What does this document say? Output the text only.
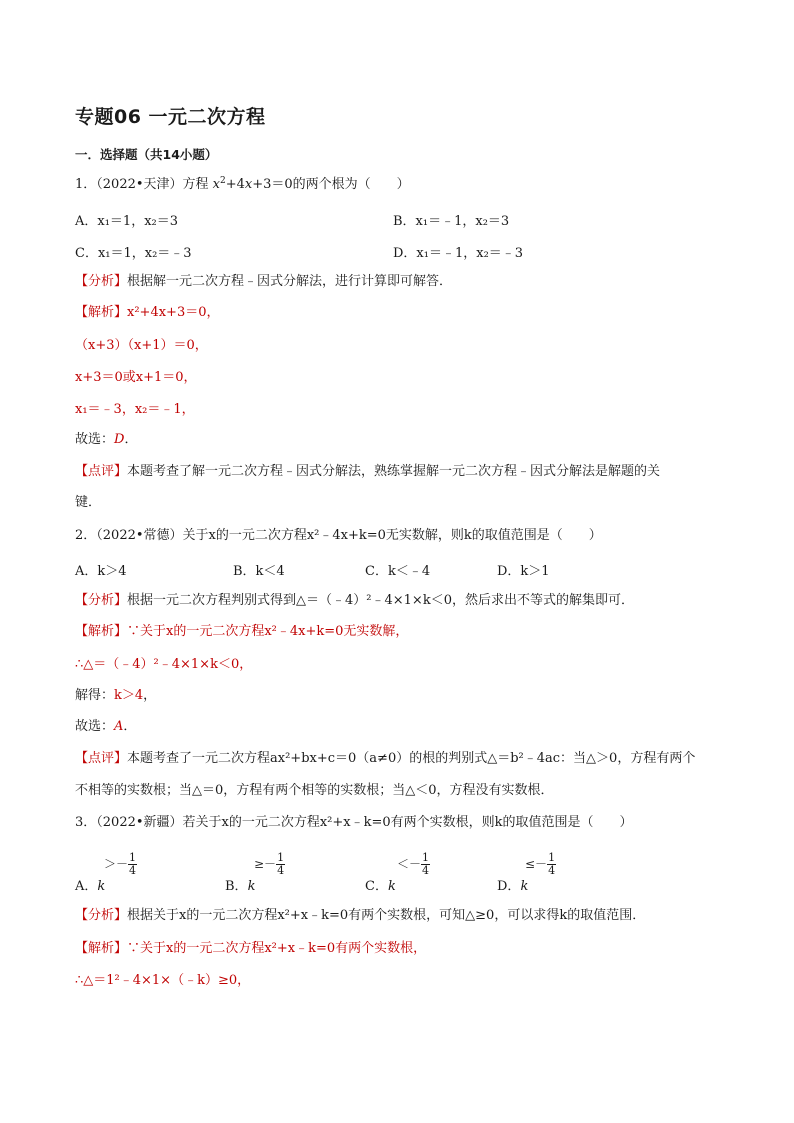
专题06 一元二次方程
一．选择题（共14小题）
1．（2022•天津）方程 $x^2+4x+3=0$的两个根为（　　）
A．x₁＝1，x₂＝3	B．x₁＝﹣1，x₂＝3
C．x₁＝1，x₂＝﹣3	D．x₁＝﹣1，x₂＝﹣3
【分析】根据解一元二次方程﹣因式分解法，进行计算即可解答．
【解析】x²+4x+3＝0，
（x+3）（x+1）＝0，
x+3＝0或x+1＝0，
x₁＝﹣3，x₂＝﹣1，
故选：D．
【点评】本题考查了解一元二次方程﹣因式分解法，熟练掌握解一元二次方程﹣因式分解法是解题的关
键．
2．（2022•常德）关于x的一元二次方程x²﹣4x+k=0无实数解，则k的取值范围是（　　）
A．k＞4	B．k＜4	C．k＜﹣4	D．k＞1
【分析】根据一元二次方程判别式得到△＝（﹣4）²﹣4×1×k＜0，然后求出不等式的解集即可．
【解析】∵关于x的一元二次方程x²﹣4x+k=0无实数解，
∴△＝（﹣4）²﹣4×1×k＜0，
解得：k＞4，
故选：A．
【点评】本题考查了一元二次方程ax²+bx+c＝0（a≠0）的根的判别式△＝b²﹣4ac：当△＞0，方程有两个
不相等的实数根；当△＝0，方程有两个相等的实数根；当△＜0，方程没有实数根．
3．（2022•新疆）若关于x的一元二次方程x²+x﹣k=0有两个实数根，则k的取值范围是（　　）
A．k
＞－ $\frac{1}{4}$
B．k
≥－ $\frac{1}{4}$
C．k
＜－ $\frac{1}{4}$
D．k
≤－ $\frac{1}{4}$
【分析】根据关于x的一元二次方程x²+x﹣k=0有两个实数根，可知△≥0，可以求得k的取值范围．
【解析】∵关于x的一元二次方程x²+x﹣k=0有两个实数根，
∴△＝1²﹣4×1×（﹣k）≥0，
